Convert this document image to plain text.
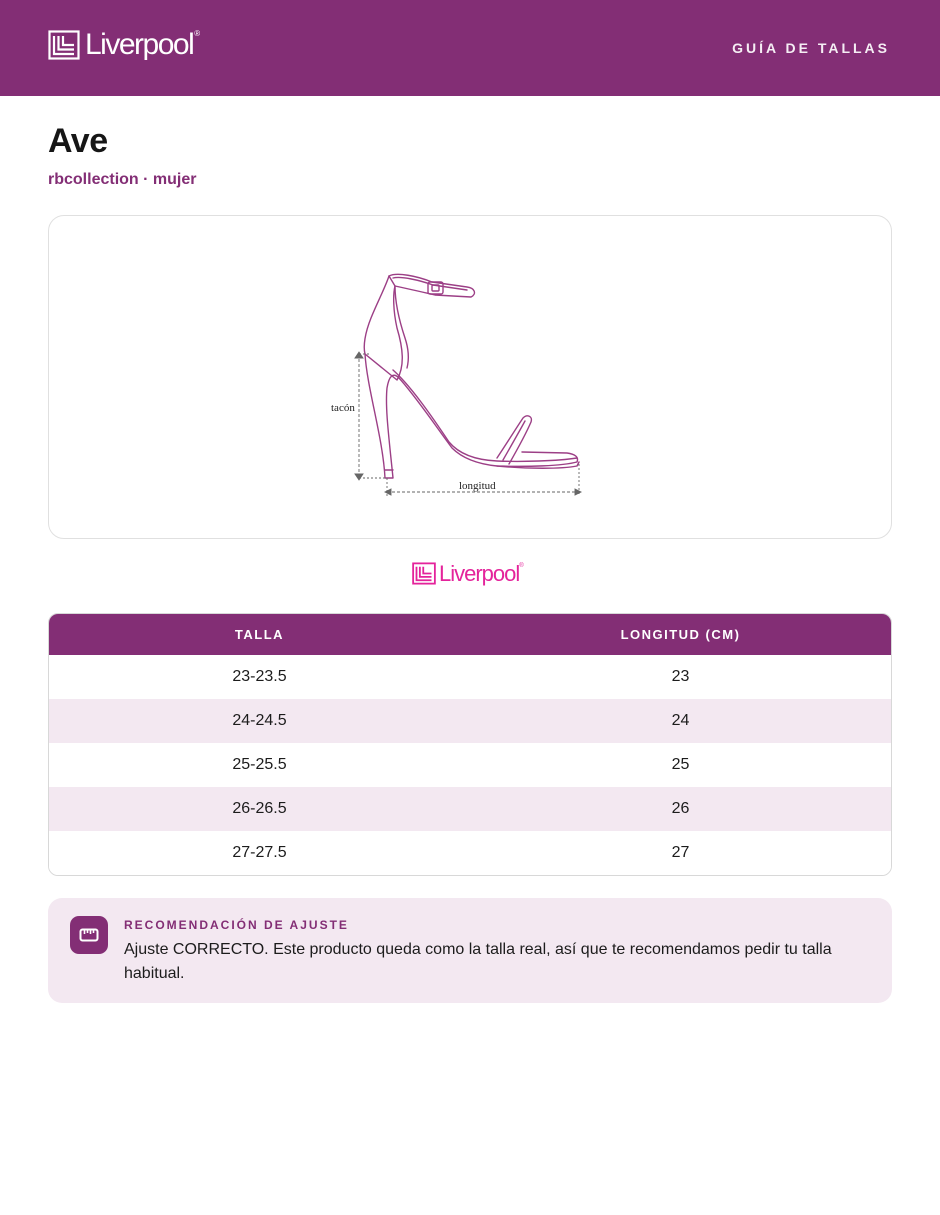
Liverpool®
GUÍA DE TALLAS
Ave
rbcollection · mujer
tacón
longitud
Liverpool®
TALLA	LONGITUD (CM)
23-23.5	23
24-24.5	24
25-25.5	25
26-26.5	26
27-27.5	27
RECOMENDACIÓN DE AJUSTE
Ajuste CORRECTO. Este producto queda como la talla real, así que te recomendamos pedir tu talla habitual.
